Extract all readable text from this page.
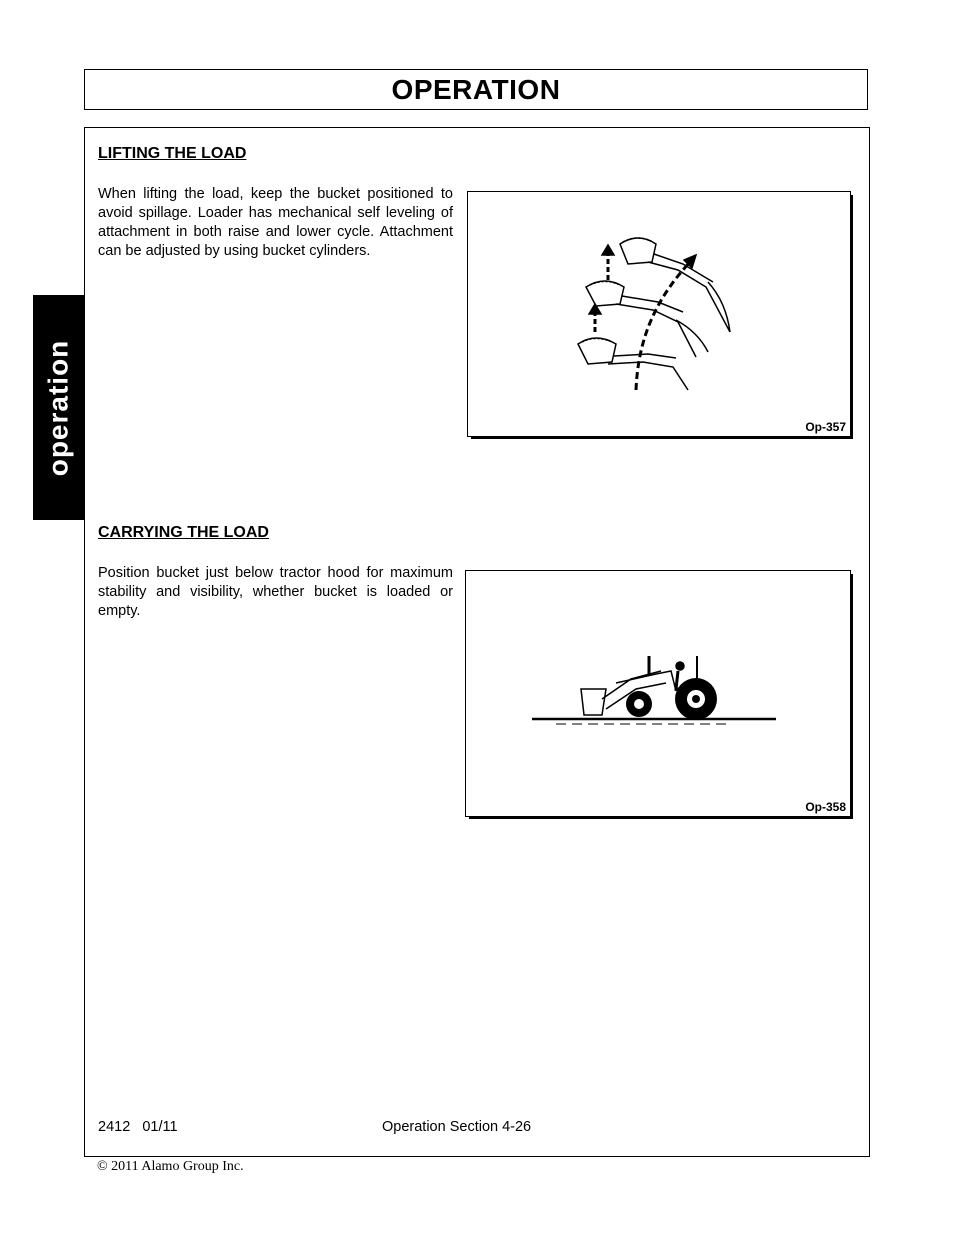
OPERATION
operation
LIFTING THE LOAD
When lifting the load, keep the bucket positioned to avoid spillage. Loader has mechanical self leveling of attachment in both raise and lower cycle. Attachment can be adjusted by using bucket cylinders.
Op-357
CARRYING THE LOAD
Position bucket just below tractor hood for maximum stability and visibility, whether bucket is loaded or empty.
Op-358
2412   01/11	Operation Section 4-26
© 2011 Alamo Group Inc.
